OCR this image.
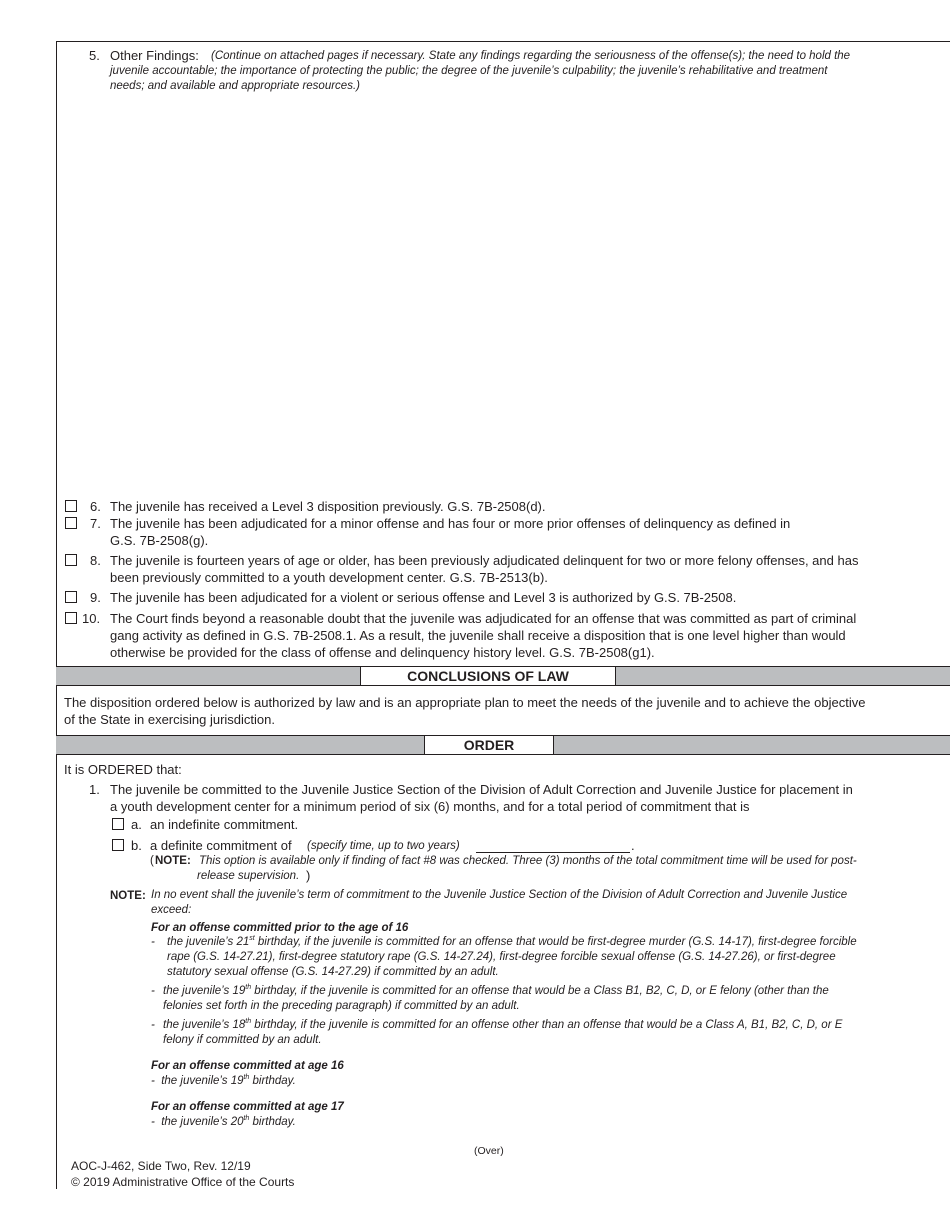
5. Other Findings: (Continue on attached pages if necessary. State any findings regarding the seriousness of the offense(s); the need to hold the
juvenile accountable; the importance of protecting the public; the degree of the juvenile’s culpability; the juvenile’s rehabilitative and treatment
needs; and available and appropriate resources.)
6. The juvenile has received a Level 3 disposition previously. G.S. 7B-2508(d).
7. The juvenile has been adjudicated for a minor offense and has four or more prior offenses of delinquency as defined in
G.S. 7B-2508(g).
8. The juvenile is fourteen years of age or older, has been previously adjudicated delinquent for two or more felony offenses, and has
been previously committed to a youth development center. G.S. 7B-2513(b).
9. The juvenile has been adjudicated for a violent or serious offense and Level 3 is authorized by G.S. 7B-2508.
10. The Court finds beyond a reasonable doubt that the juvenile was adjudicated for an offense that was committed as part of criminal
gang activity as defined in G.S. 7B-2508.1. As a result, the juvenile shall receive a disposition that is one level higher than would
otherwise be provided for the class of offense and delinquency history level. G.S. 7B-2508(g1).
CONCLUSIONS OF LAW
The disposition ordered below is authorized by law and is an appropriate plan to meet the needs of the juvenile and to achieve the objective
of the State in exercising jurisdiction.
ORDER
It is ORDERED that:
1. The juvenile be committed to the Juvenile Justice Section of the Division of Adult Correction and Juvenile Justice for placement in
a youth development center for a minimum period of six (6) months, and for a total period of commitment that is
a. an indefinite commitment.
b. a definite commitment of (specify time, up to two years)	.
( NOTE: This option is available only if finding of fact #8 was checked. Three (3) months of the total commitment time will be used for post-
release supervision. )
NOTE: In no event shall the juvenile’s term of commitment to the Juvenile Justice Section of the Division of Adult Correction and Juvenile Justice
exceed:
For an offense committed prior to the age of 16
- the juvenile’s 21st birthday, if the juvenile is committed for an offense that would be first-degree murder (G.S. 14-17), first-degree forcible
rape (G.S. 14-27.21), first-degree statutory rape (G.S. 14-27.24), first-degree forcible sexual offense (G.S. 14-27.26), or first-degree
statutory sexual offense (G.S. 14-27.29) if committed by an adult.
- the juvenile’s 19th birthday, if the juvenile is committed for an offense that would be a Class B1, B2, C, D, or E felony (other than the
felonies set forth in the preceding paragraph) if committed by an adult.
- the juvenile’s 18th birthday, if the juvenile is committed for an offense other than an offense that would be a Class A, B1, B2, C, D, or E
felony if committed by an adult.
For an offense committed at age 16
-  the juvenile’s 19th birthday.
For an offense committed at age 17
-  the juvenile’s 20th birthday.
(Over)
AOC-J-462, Side Two, Rev. 12/19
© 2019 Administrative Office of the Courts
